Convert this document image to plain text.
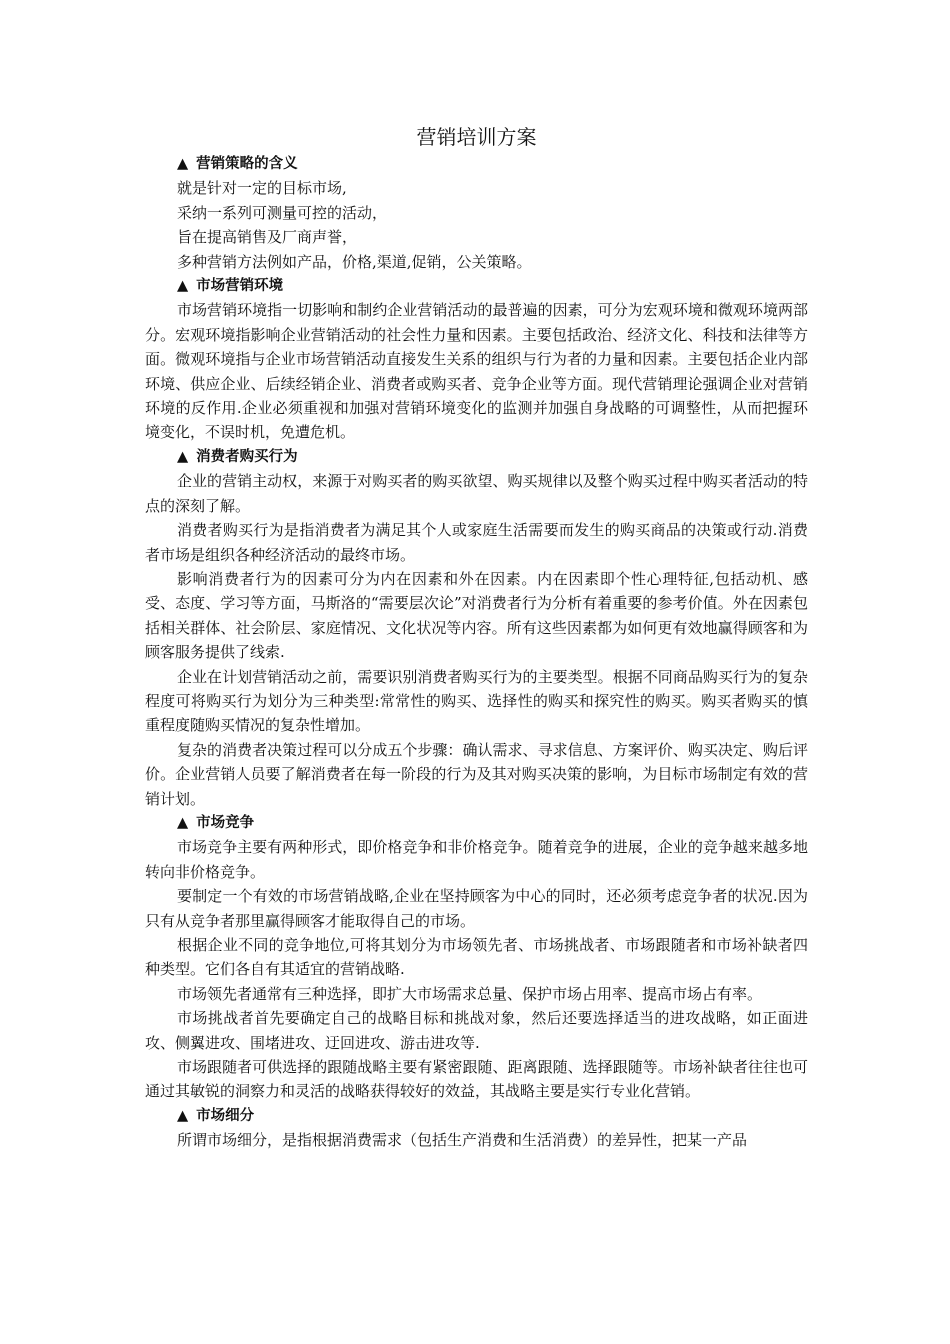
营销培训方案
▲ 营销策略的含义
就是针对一定的目标市场,
采纳一系列可测量可控的活动，
旨在提高销售及厂商声誉，
多种营销方法例如产品，价格,渠道,促销，公关策略。
▲ 市场营销环境

市场营销环境指一切影响和制约企业营销活动的最普遍的因素，可分为宏观环境和微观环境两部分。宏观环境指影响企业营销活动的社会性力量和因素。主要包括政治、经济文化、科技和法律等方面。微观环境指与企业市场营销活动直接发生关系的组织与行为者的力量和因素。主要包括企业内部环境、供应企业、后续经销企业、消费者或购买者、竞争企业等方面。现代营销理论强调企业对营销环境的反作用.企业必须重视和加强对营销环境变化的监测并加强自身战略的可调整性，从而把握环境变化，不误时机，免遭危机。

▲ 消费者购买行为

企业的营销主动权，来源于对购买者的购买欲望、购买规律以及整个购买过程中购买者活动的特点的深刻了解。

消费者购买行为是指消费者为满足其个人或家庭生活需要而发生的购买商品的决策或行动.消费者市场是组织各种经济活动的最终市场。

影响消费者行为的因素可分为内在因素和外在因素。内在因素即个性心理特征,包括动机、感受、态度、学习等方面，马斯洛的“需要层次论”对消费者行为分析有着重要的参考价值。外在因素包括相关群体、社会阶层、家庭情况、文化状况等内容。所有这些因素都为如何更有效地赢得顾客和为顾客服务提供了线索.

企业在计划营销活动之前，需要识别消费者购买行为的主要类型。根据不同商品购买行为的复杂程度可将购买行为划分为三种类型:常常性的购买、选择性的购买和探究性的购买。购买者购买的慎重程度随购买情况的复杂性增加。

复杂的消费者决策过程可以分成五个步骤：确认需求、寻求信息、方案评价、购买决定、购后评价。企业营销人员要了解消费者在每一阶段的行为及其对购买决策的影响，为目标市场制定有效的营销计划。

▲ 市场竞争

市场竞争主要有两种形式，即价格竞争和非价格竞争。随着竞争的进展，企业的竞争越来越多地转向非价格竞争。

要制定一个有效的市场营销战略,企业在坚持顾客为中心的同时，还必须考虑竞争者的状况.因为只有从竞争者那里赢得顾客才能取得自己的市场。

根据企业不同的竞争地位,可将其划分为市场领先者、市场挑战者、市场跟随者和市场补缺者四种类型。它们各自有其适宜的营销战略.

市场领先者通常有三种选择，即扩大市场需求总量、保护市场占用率、提高市场占有率。

市场挑战者首先要确定自己的战略目标和挑战对象，然后还要选择适当的进攻战略，如正面进攻、侧翼进攻、围堵进攻、迂回进攻、游击进攻等.

市场跟随者可供选择的跟随战略主要有紧密跟随、距离跟随、选择跟随等。市场补缺者往往也可通过其敏锐的洞察力和灵活的战略获得较好的效益，其战略主要是实行专业化营销。

▲ 市场细分

所谓市场细分，是指根据消费需求（包括生产消费和生活消费）的差异性，把某一产品
